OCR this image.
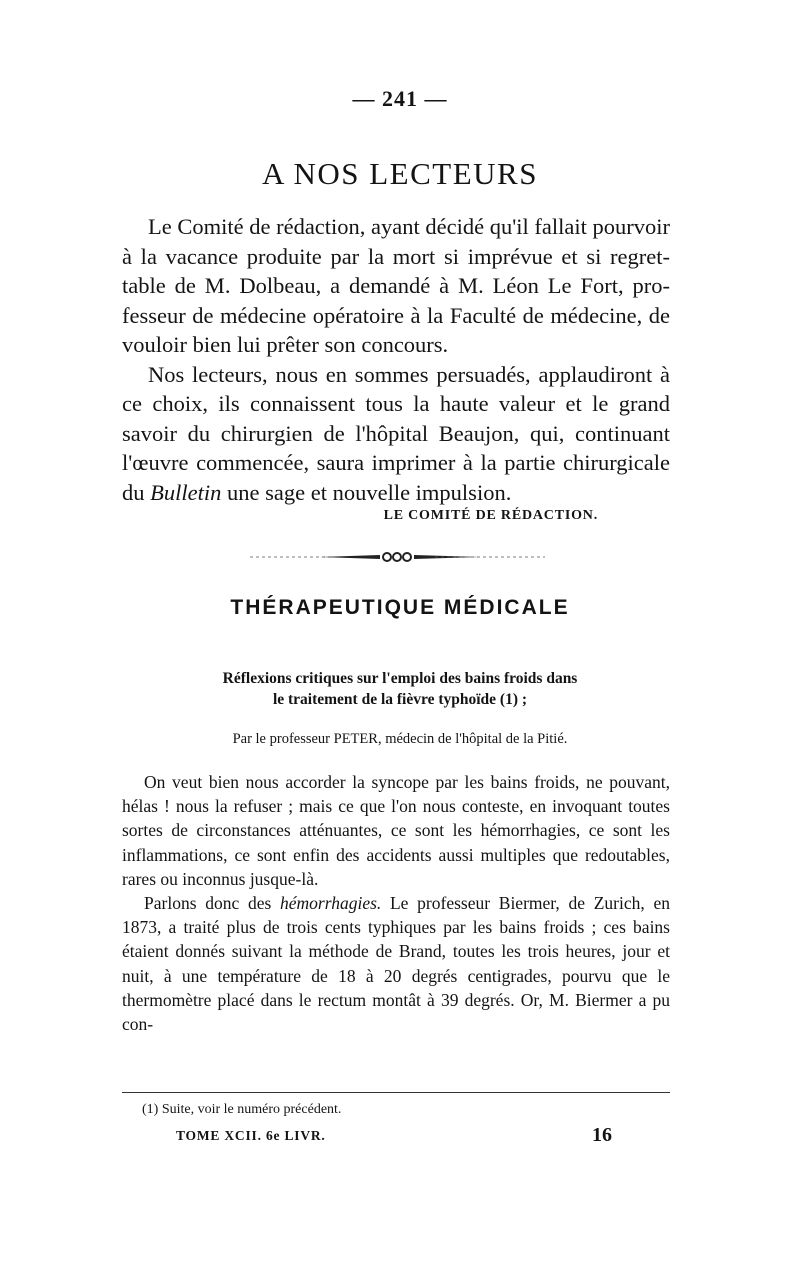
— 241 —
A NOS LECTEURS

Le Comité de rédaction, ayant décidé qu'il fallait pourvoir à la vacance produite par la mort si imprévue et si regrettable de M. Dolbeau, a demandé à M. Léon Le Fort, professeur de médecine opératoire à la Faculté de médecine, de vouloir bien lui prêter son concours.

Nos lecteurs, nous en sommes persuadés, applaudiront à ce choix, ils connaissent tous la haute valeur et le grand savoir du chirurgien de l'hôpital Beaujon, qui, continuant l'œuvre commencée, saura imprimer à la partie chirurgicale du Bulletin une sage et nouvelle impulsion.

LE COMITÉ DE RÉDACTION.
THÉRAPEUTIQUE MÉDICALE
Réflexions critiques sur l'emploi des bains froids dans
le traitement de la fièvre typhoïde (1) ;
Par le professeur PETER, médecin de l'hôpital de la Pitié.

On veut bien nous accorder la syncope par les bains froids, ne pouvant, hélas ! nous la refuser ; mais ce que l'on nous conteste, en invoquant toutes sortes de circonstances atténuantes, ce sont les hémorrhagies, ce sont les inflammations, ce sont enfin des accidents aussi multiples que redoutables, rares ou inconnus jusque-là.

Parlons donc des hémorrhagies. Le professeur Biermer, de Zurich, en 1873, a traité plus de trois cents typhiques par les bains froids ; ces bains étaient donnés suivant la méthode de Brand, toutes les trois heures, jour et nuit, à une température de 18 à 20 degrés centigrades, pourvu que le thermomètre placé dans le rectum montât à 39 degrés. Or, M. Biermer a pu con-

(1) Suite, voir le numéro précédent.
TOME XCII. 6e LIVR.	16
